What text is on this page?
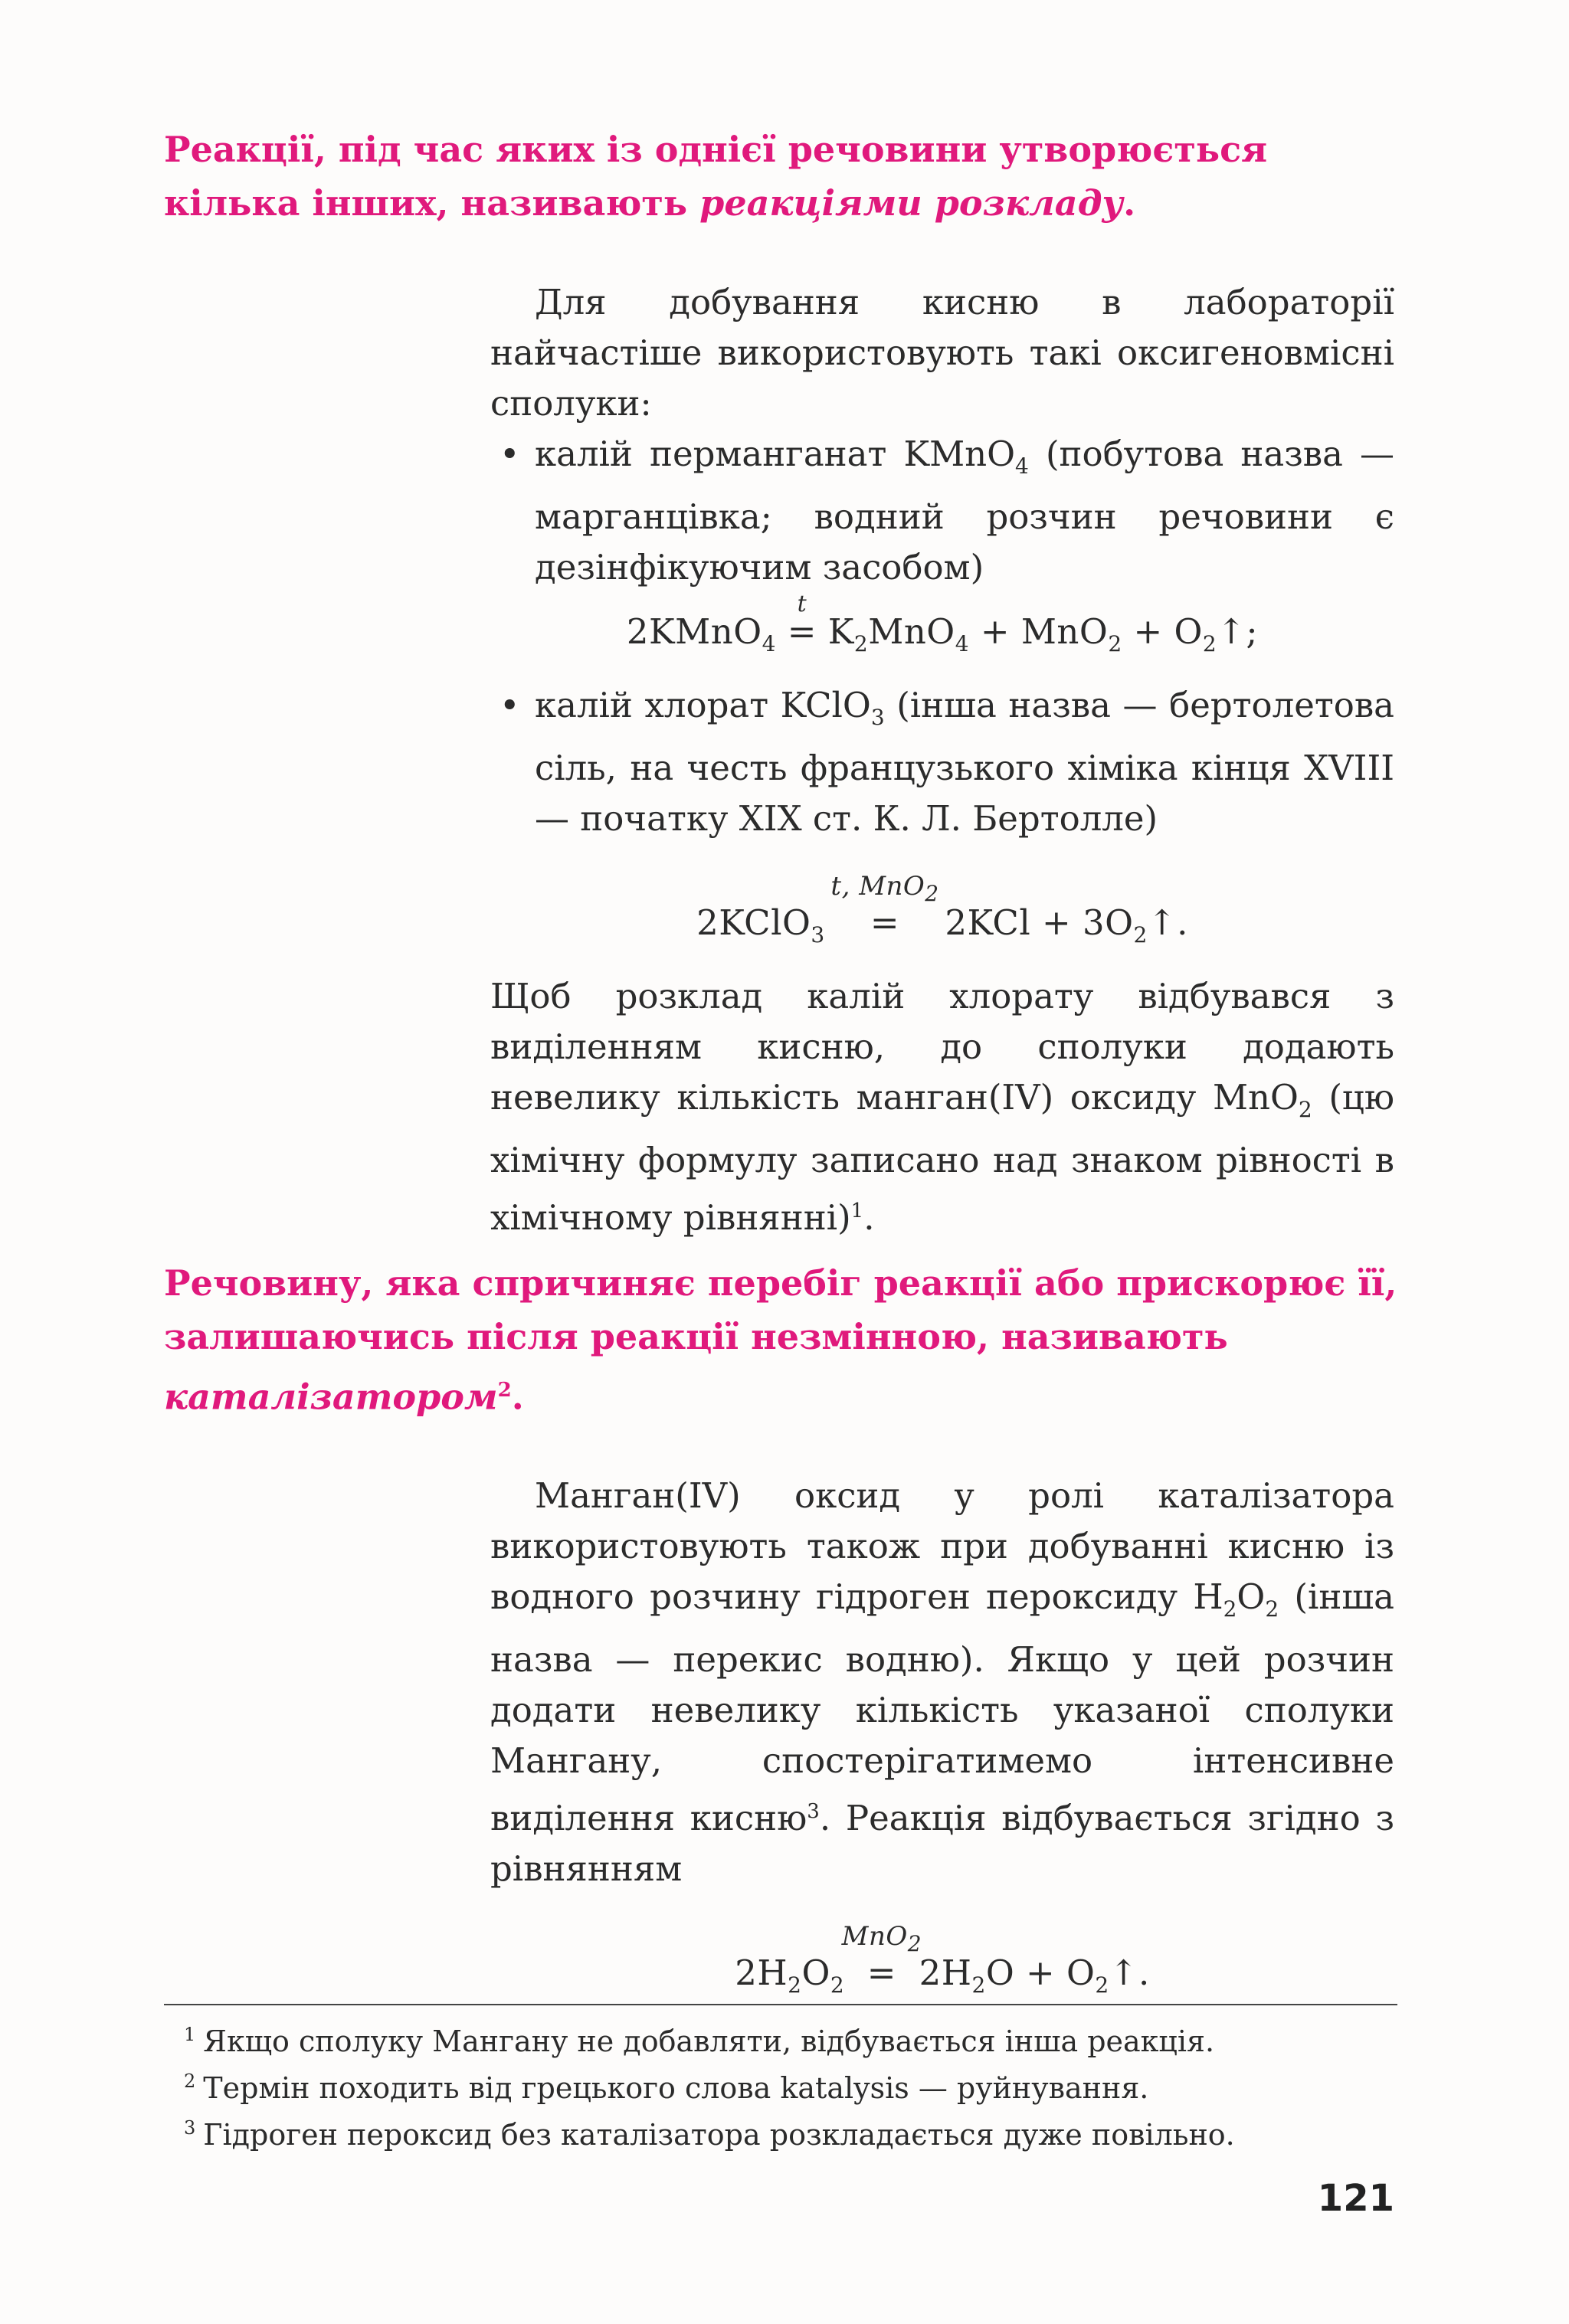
Реакції, під час яких із однієї речовини утворюється кілька інших, називають реакціями розкладу.

Для добування кисню в лабораторії найчастіше використовують такі оксигеновмісні сполуки:

• калій перманганат KMnO$_4$ (побутова назва — марганцівка; водний розчин речовини є дезінфікуючим засобом)
2KMnO$_4$
t
= $K_2MnO_4 + MnO_2$ + $O_2↑$;
• калій хлорат KClO$_3$ (інша назва — бертолетова сіль, на честь французького хіміка кінця XVIII — початку XIX ст. К. Л. Бертолле)
2KClO$_3$
t, MnO$_2$
= $2KCl + 3O_2↑$.

Щоб розклад калій хлорату відбувався з виділенням кисню, до сполуки додають невелику кількість манган(IV) оксиду MnO$_2$ (цю хімічну формулу записано над знаком рівності в хімічному рівнянні)$^1$.

Речовину, яка спричиняє перебіг реакції або прискорює її, залишаючись після реакції незмінною, називають каталізатором$^2$.

Манган(IV) оксид у ролі каталізатора використовують також при добуванні кисню із водного розчину гідроген пероксиду $H_2O_2$ (інша назва — перекис водню). Якщо у цей розчин додати невелику кількість указаної сполуки Мангану, спостерігатимемо інтенсивне виділення кисню$^3$. Реакція відбувається згідно з рівнянням

$2H_2O_2$
MnO$_2$
= $2H_2O$ + $O_2↑$.

$^1$ Якщо сполуку Мангану не добавляти, відбувається інша реакція.

$^2$ Термін походить від грецького слова katalysis — руйнування.

$^3$ Гідроген пероксид без каталізатора розкладається дуже повільно.

121
